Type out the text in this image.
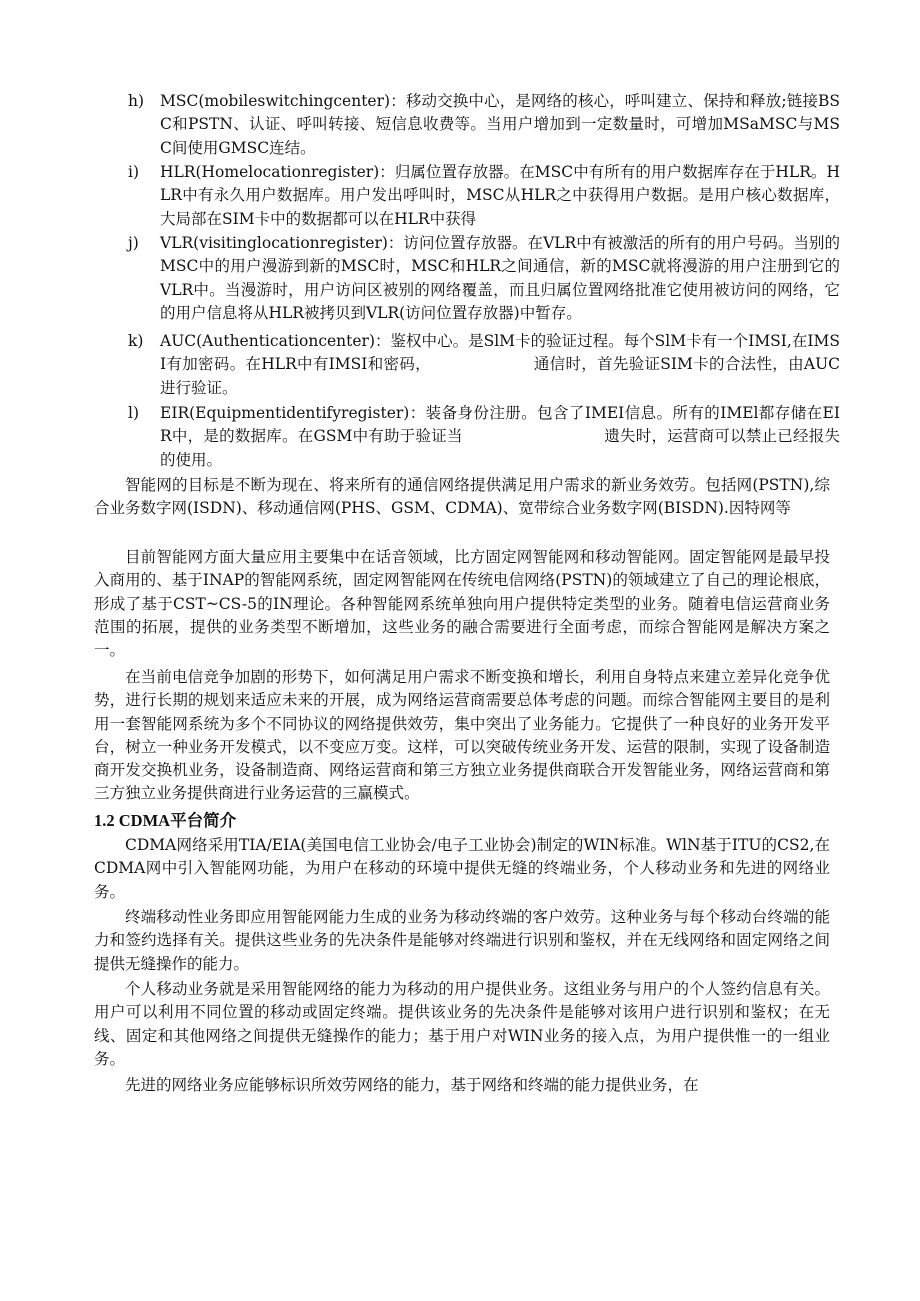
h)	MSC(mobileswitchingcenter)：移动交换中心，是网络的核心，呼叫建立、保持和释放;链接BSC和PSTN、认证、呼叫转接、短信息收费等。当用户增加到一定数量时，可增加MSaMSC与MSC间使用GMSC连结。
i)	HLR(Homelocationregister)：归属位置存放器。在MSC中有所有的用户数据库存在于HLR。HLR中有永久用户数据库。用户发出呼叫时，MSC从HLR之中获得用户数据。是用户核心数据库，大局部在SIM卡中的数据都可以在HLR中获得
j)	VLR(visitinglocationregister)：访问位置存放器。在VLR中有被激活的所有的用户号码。当别的MSC中的用户漫游到新的MSC时，MSC和HLR之间通信，新的MSC就将漫游的用户注册到它的VLR中。当漫游时，用户访问区被别的网络覆盖，而且归属位置网络批准它使用被访问的网络，它的用户信息将从HLR被拷贝到VLR(访问位置存放器)中暂存。
k)	AUC(Authenticationcenter)：鉴权中心。是SlM卡的验证过程。每个SlM卡有一个IMSI,在IMSI有加密码。在HLR中有IMSI和密码，　　　　　　　通信时，首先验证SIM卡的合法性，由AUC进行验证。
l)	EIR(Equipmentidentifyregister)：装备身份注册。包含了IMEI信息。所有的IMEl都存储在EIR中，是的数据库。在GSM中有助于验证当　　　　　　　　　遗失时，运营商可以禁止已经报失　　的使用。
智能网的目标是不断为现在、将来所有的通信网络提供满足用户需求的新业务效劳。包括网(PSTN),综合业务数字网(ISDN)、移动通信网(PHS、GSM、CDMA)、宽带综合业务数字网(BISDN).因特网等
目前智能网方面大量应用主要集中在话音领域，比方固定网智能网和移动智能网。固定智能网是最早投入商用的、基于INAP的智能网系统，固定网智能网在传统电信网络(PSTN)的领域建立了自己的理论根底，形成了基于CST~CS-5的IN理论。各种智能网系统单独向用户提供特定类型的业务。随着电信运营商业务范围的拓展，提供的业务类型不断增加，这些业务的融合需要进行全面考虑，而综合智能网是解决方案之一。
在当前电信竞争加剧的形势下，如何满足用户需求不断变换和增长，利用自身特点来建立差异化竞争优势，进行长期的规划来适应未来的开展，成为网络运营商需要总体考虑的问题。而综合智能网主要目的是利用一套智能网系统为多个不同协议的网络提供效劳，集中突出了业务能力。它提供了一种良好的业务开发平台，树立一种业务开发模式，以不变应万变。这样，可以突破传统业务开发、运营的限制，实现了设备制造商开发交换机业务，设备制造商、网络运营商和第三方独立业务提供商联合开发智能业务，网络运营商和第三方独立业务提供商进行业务运营的三赢模式。
1.2 CDMA平台简介
CDMA网络采用TIA/EIA(美国电信工业协会/电子工业协会)制定的WIN标准。WlN基于ITU的CS2,在CDMA网中引入智能网功能，为用户在移动的环境中提供无缝的终端业务，个人移动业务和先进的网络业务。
终端移动性业务即应用智能网能力生成的业务为移动终端的客户效劳。这种业务与每个移动台终端的能力和签约选择有关。提供这些业务的先决条件是能够对终端进行识别和鉴权，并在无线网络和固定网络之间提供无缝操作的能力。
个人移动业务就是采用智能网络的能力为移动的用户提供业务。这组业务与用户的个人签约信息有关。用户可以利用不同位置的移动或固定终端。提供该业务的先决条件是能够对该用户进行识别和鉴权；在无线、固定和其他网络之间提供无缝操作的能力；基于用户对WIN业务的接入点，为用户提供惟一的一组业务。
先进的网络业务应能够标识所效劳网络的能力，基于网络和终端的能力提供业务，在
